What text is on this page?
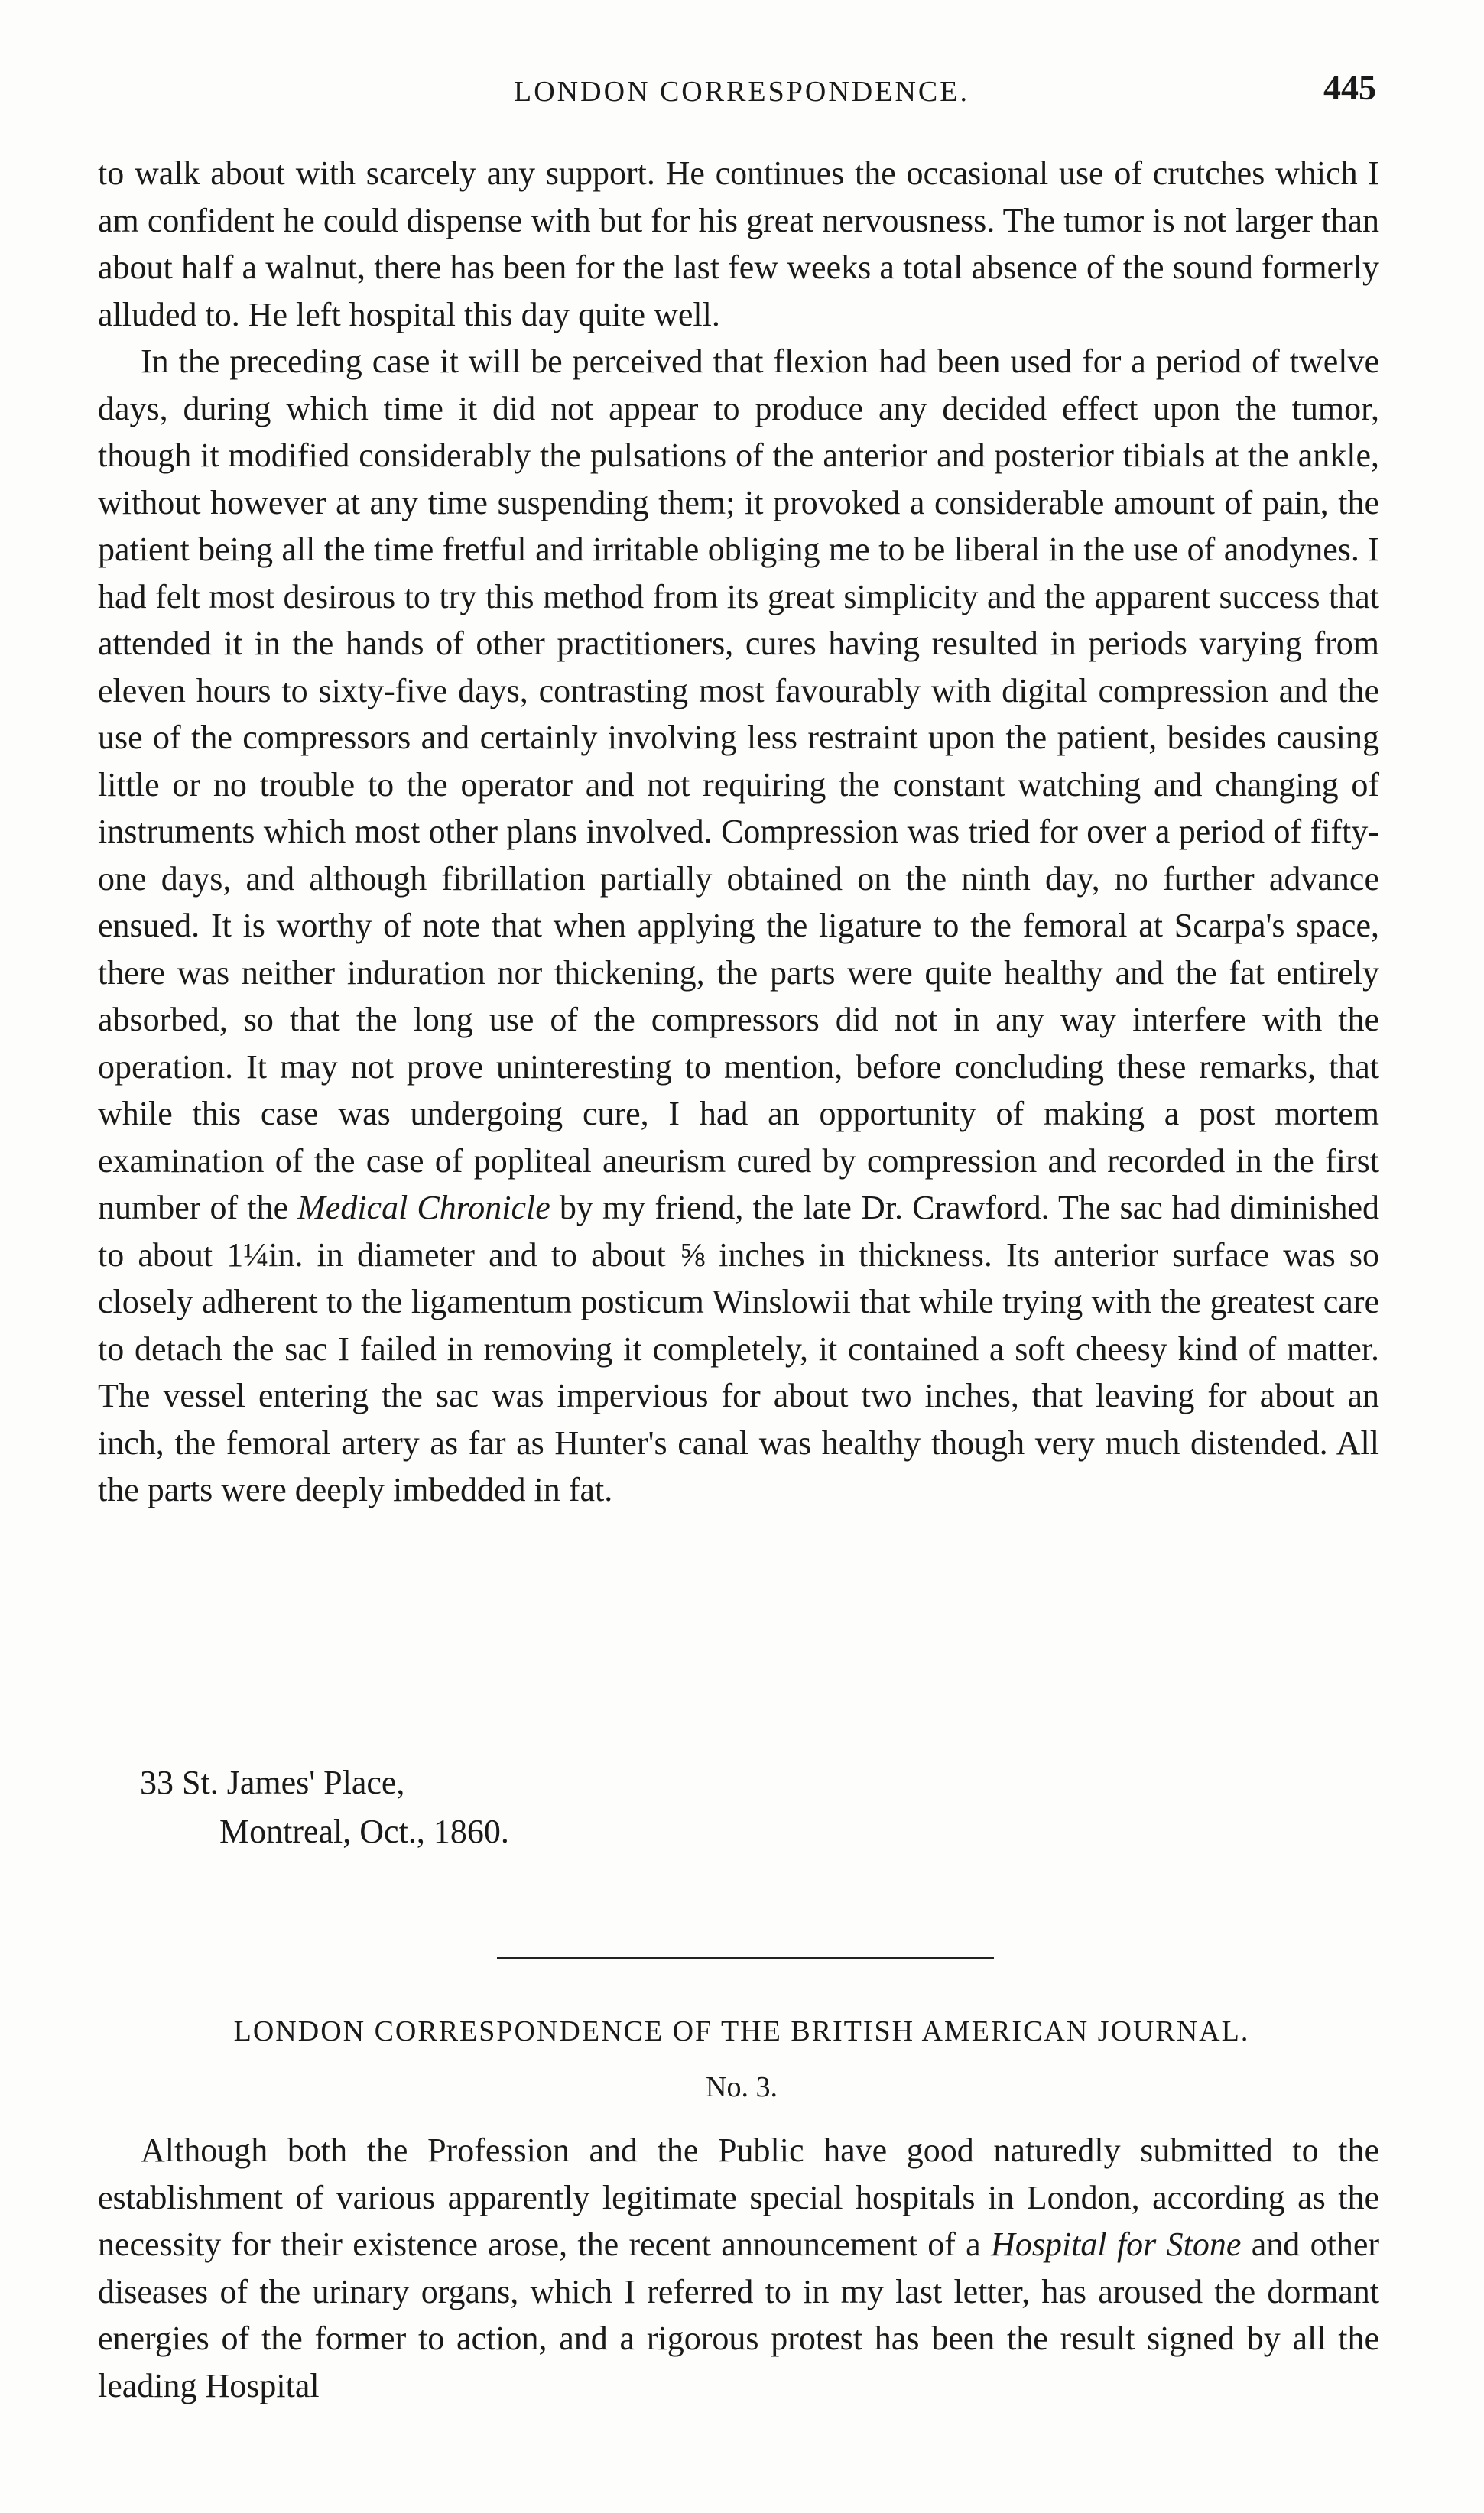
LONDON CORRESPONDENCE.	445

to walk about with scarcely any support. He continues the occasional use of crutches which I am confident he could dispense with but for his great nervousness. The tumor is not larger than about half a walnut, there has been for the last few weeks a total absence of the sound formerly alluded to. He left hospital this day quite well.

In the preceding case it will be perceived that flexion had been used for a period of twelve days, during which time it did not appear to produce any decided effect upon the tumor, though it modified considerably the pulsations of the anterior and posterior tibials at the ankle, without however at any time suspending them; it provoked a considerable amount of pain, the patient being all the time fretful and irritable obliging me to be liberal in the use of anodynes. I had felt most desirous to try this method from its great simplicity and the apparent success that attended it in the hands of other practitioners, cures having resulted in periods varying from eleven hours to sixty-five days, contrasting most favourably with digital compression and the use of the compressors and certainly involving less restraint upon the patient, besides causing little or no trouble to the operator and not requiring the constant watching and changing of instruments which most other plans involved. Compression was tried for over a period of fifty-one days, and although fibrillation partially obtained on the ninth day, no further advance ensued. It is worthy of note that when applying the ligature to the femoral at Scarpa's space, there was neither induration nor thickening, the parts were quite healthy and the fat entirely absorbed, so that the long use of the compressors did not in any way interfere with the operation. It may not prove uninteresting to mention, before concluding these remarks, that while this case was undergoing cure, I had an opportunity of making a post mortem examination of the case of popliteal aneurism cured by compression and recorded in the first number of the Medical Chronicle by my friend, the late Dr. Crawford. The sac had diminished to about 1¼in. in diameter and to about ⅝ inches in thickness. Its anterior surface was so closely adherent to the ligamentum posticum Winslowii that while trying with the greatest care to detach the sac I failed in removing it completely, it contained a soft cheesy kind of matter. The vessel entering the sac was impervious for about two inches, that leaving for about an inch, the femoral artery as far as Hunter's canal was healthy though very much distended. All the parts were deeply imbedded in fat.

33 St. James' Place,
Montreal, Oct., 1860.
LONDON CORRESPONDENCE OF THE BRITISH AMERICAN JOURNAL.
No. 3.

Although both the Profession and the Public have good naturedly submitted to the establishment of various apparently legitimate special hospitals in London, according as the necessity for their existence arose, the recent announcement of a Hospital for Stone and other diseases of the urinary organs, which I referred to in my last letter, has aroused the dormant energies of the former to action, and a rigorous protest has been the result signed by all the leading Hospital
